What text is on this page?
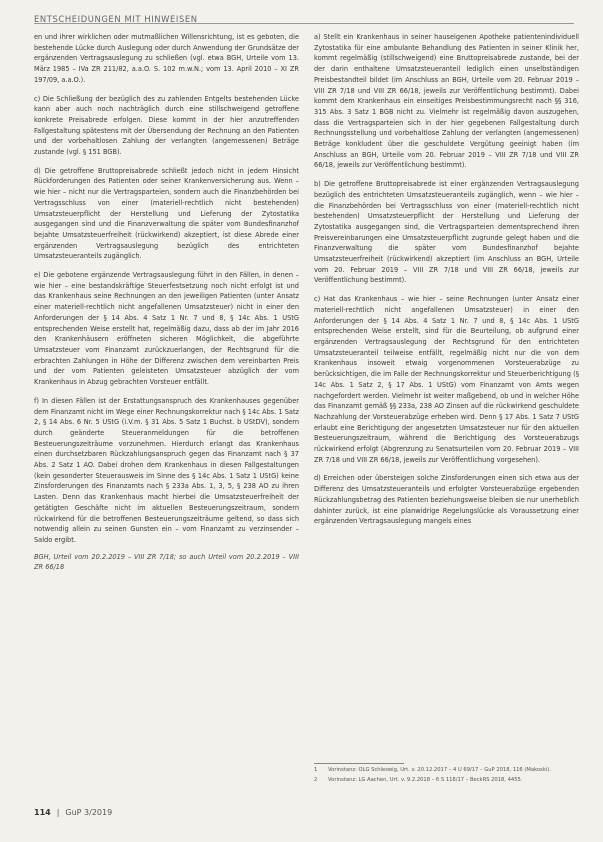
ENTSCHEIDUNGEN MIT HINWEISEN

en und ihrer wirklichen oder mutmaßlichen Willensrichtung, ist es geboten, die bestehende Lücke durch Auslegung oder durch Anwendung der Grundsätze der ergänzenden Vertragsauslegung zu schließen (vgl. etwa BGH, Urteile vom 13. März 1985 – IVa ZR 211/82, a.a.O. S. 102 m.w.N.; vom 13. April 2010 – XI ZR 197/09, a.a.O.).

c) Die Schließung der bezüglich des zu zahlenden Entgelts bestehenden Lücke kann aber auch noch nachträglich durch eine stillschweigend getroffene konkrete Preisabrede erfolgen. Diese kommt in der hier anzutreffenden Fallgestaltung spätestens mit der Übersendung der Rechnung an den Patienten und der vorbehaltlosen Zahlung der verlangten (angemessenen) Beträge zustande (vgl. § 151 BGB).

d) Die getroffene Bruttopreisabrede schließt jedoch nicht in jedem Hinsicht Rückforderungen des Patienten oder seiner Krankenversicherung aus. Wenn – wie hier – nicht nur die Vertragsparteien, sondern auch die Finanzbehörden bei Vertragsschluss von einer (materiell-rechtlich nicht bestehenden) Umsatzsteuerpflicht der Herstellung und Lieferung der Zytostatika ausgegangen sind und die Finanzverwaltung die später vom Bundesfinanzhof bejahte Umsatzsteuerfreiheit (rückwirkend) akzeptiert, ist diese Abrede einer ergänzenden Vertragsauslegung bezüglich des entrichteten Umsatzsteueranteils zugänglich.

e) Die gebotene ergänzende Vertragsauslegung führt in den Fällen, in denen – wie hier – eine bestandskräftige Steuerfestsetzung noch nicht erfolgt ist und das Krankenhaus seine Rechnungen an den jeweiligen Patienten (unter Ansatz einer materiell-rechtlich nicht angefallenen Umsatzsteuer) nicht in einer den Anforderungen der § 14 Abs. 4 Satz 1 Nr. 7 und 8, § 14c Abs. 1 UStG entsprechenden Weise erstellt hat, regelmäßig dazu, dass ab der im Jahr 2016 den Krankenhäusern eröffneten sicheren Möglichkeit, die abgeführte Umsatzsteuer vom Finanzamt zurückzuerlangen, der Rechtsgrund für die erbrachten Zahlungen in Höhe der Differenz zwischen dem vereinbarten Preis und der vom Patienten geleisteten Umsatzsteuer abzüglich der vom Krankenhaus in Abzug gebrachten Vorsteuer entfällt.

f) In diesen Fällen ist der Erstattungsanspruch des Krankenhauses gegenüber dem Finanzamt nicht im Wege einer Rechnungskorrektur nach § 14c Abs. 1 Satz 2, § 14 Abs. 6 Nr. 5 UStG (i.V.m. § 31 Abs. 5 Satz 1 Buchst. b UStDV), sondern durch geänderte Steueranmeldungen für die betroffenen Besteuerungszeiträume vorzunehmen. Hierdurch erlangt das Krankenhaus einen durchsetzbaren Rückzahlungsanspruch gegen das Finanzamt nach § 37 Abs. 2 Satz 1 AO. Dabei drohen dem Krankenhaus in diesen Fallgestaltungen (kein gesonderter Steuerausweis im Sinne des § 14c Abs. 1 Satz 1 UStG) keine Zinsforderungen des Finanzamts nach § 233a Abs. 1, 3, 5, § 238 AO zu ihren Lasten. Denn das Krankenhaus macht hierbei die Umsatzsteuerfreiheit der getätigten Geschäfte nicht im aktuellen Besteuerungszeitraum, sondern rückwirkend für die betroffenen Besteuerungszeiträume geltend, so dass sich notwendig allein zu seinen Gunsten ein – vom Finanzamt zu verzinsender – Saldo ergibt.

BGH, Urteil vom 20.2.2019 – VIII ZR 7/18; so auch Urteil vom 20.2.2019 – VIII ZR 66/18

a) Stellt ein Krankenhaus in seiner hauseigenen Apotheke patientenindividuell Zytostatika für eine ambulante Behandlung des Patienten in seiner Klinik her, kommt regelmäßig (stillschweigend) eine Bruttopreisabrede zustande, bei der der darin enthaltene Umsatzsteueranteil lediglich einen unselbständigen Preisbestandteil bildet (im Anschluss an BGH, Urteile vom 20. Februar 2019 – VIII ZR 7/18 und VIII ZR 66/18, jeweils zur Veröffentlichung bestimmt). Dabei kommt dem Krankenhaus ein einseitiges Preisbestimmungsrecht nach §§ 316, 315 Abs. 3 Satz 1 BGB nicht zu. Vielmehr ist regelmäßig davon auszugehen, dass die Vertragsparteien sich in der hier gegebenen Fallgestaltung durch Rechnungsstellung und vorbehaltlose Zahlung der verlangten (angemessenen) Beträge konkludent über die geschuldete Vergütung geeinigt haben (im Anschluss an BGH, Urteile vom 20. Februar 2019 – VIII ZR 7/18 und VIII ZR 66/18, jeweils zur Veröffentlichung bestimmt).

b) Die getroffene Bruttopreisabrede ist einer ergänzenden Vertragsauslegung bezüglich des entrichteten Umsatzsteueranteils zugänglich, wenn – wie hier – die Finanzbehörden bei Vertragsschluss von einer (materiell-rechtlich nicht bestehenden) Umsatzsteuerpflicht der Herstellung und Lieferung der Zytostatika ausgegangen sind, die Vertragsparteien dementsprechend ihren Preisvereinbarungen eine Umsatzsteuerpflicht zugrunde gelegt haben und die Finanzverwaltung die später vom Bundesfinanzhof bejahte Umsatzsteuerfreiheit (rückwirkend) akzeptiert (im Anschluss an BGH, Urteile vom 20. Februar 2019 – VIII ZR 7/18 und VIII ZR 66/18, jeweils zur Veröffentlichung bestimmt).

c) Hat das Krankenhaus – wie hier – seine Rechnungen (unter Ansatz einer materiell-rechtlich nicht angefallenen Umsatzsteuer) in einer den Anforderungen der § 14 Abs. 4 Satz 1 Nr. 7 und 8, § 14c Abs. 1 UStG entsprechenden Weise erstellt, sind für die Beurteilung, ob aufgrund einer ergänzenden Vertragsauslegung der Rechtsgrund für den entrichteten Umsatzsteueranteil teilweise entfällt, regelmäßig nicht nur die von dem Krankenhaus insoweit etwaig vorgenommenen Vorsteuerabzüge zu berücksichtigen, die im Falle der Rechnungskorrektur und Steuerberichtigung (§ 14c Abs. 1 Satz 2, § 17 Abs. 1 UStG) vom Finanzamt von Amts wegen nachgefordert werden. Vielmehr ist weiter maßgebend, ob und in welcher Höhe das Finanzamt gemäß §§ 233a, 238 AO Zinsen auf die rückwirkend geschuldete Nachzahlung der Vorsteuerabzüge erheben wird. Denn § 17 Abs. 1 Satz 7 UStG erlaubt eine Berichtigung der angesetzten Umsatzsteuer nur für den aktuellen Besteuerungszeitraum, während die Berichtigung des Vorsteuerabzugs rückwirkend erfolgt (Abgrenzung zu Senatsurteilen vom 20. Februar 2019 – VIII ZR 7/18 und VIII ZR 66/18, jeweils zur Veröffentlichung vorgesehen).

d) Erreichen oder übersteigen solche Zinsforderungen einen sich etwa aus der Differenz des Umsatzsteueranteils und erfolgter Vorsteuerabzüge ergebenden Rückzahlungsbetrag des Patienten beziehungsweise bleiben sie nur unerheblich dahinter zurück, ist eine planwidrige Regelungslücke als Voraussetzung einer ergänzenden Vertragsauslegung mangels eines

1 Vorinstanz: OLG Schleswig, Urt. v. 20.12.2017 – 4 U 69/17 – GuP 2018, 116 (Makoski).
2 Vorinstanz: LG Aachen, Urt. v. 9.2.2018 – 6 S 118/17 – BeckRS 2018, 4455.
114 | GuP 3/2019
